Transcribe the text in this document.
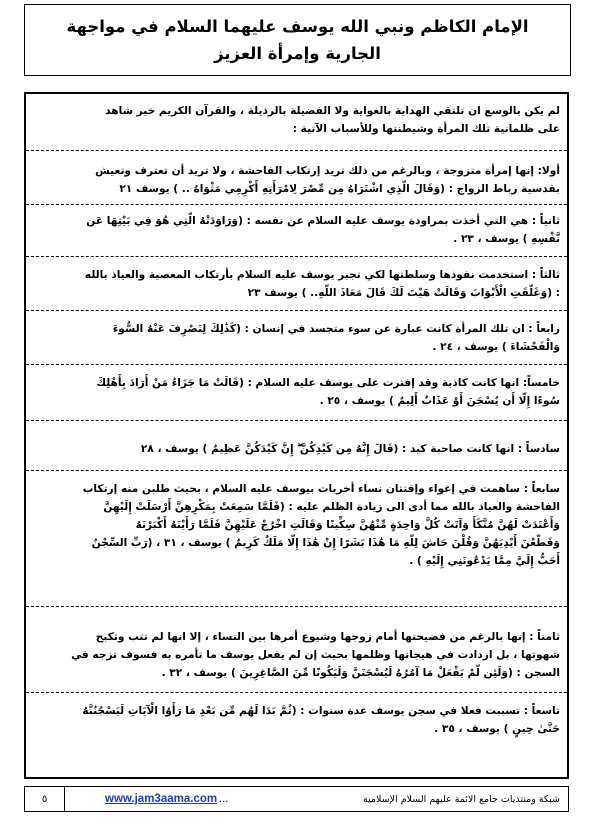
الإمام الكاظم ونبي الله يوسف عليهما السلام في مواجهة
الجارية وإمرأة العزيز
لم يكن بالوسع ان تلتقي الهداية بالغواية ولا الفضيلة بالرذيلة ، والقرآن الكريم خير شاهد
على ظلمانية تلك المرأة وشيطنتها وللأسباب الآتية :
أولا: إنها إمرأة متزوجة ، وبالرغم من ذلك تريد إرتكاب الفاحشة ، ولا تريد أن تعترف وتعيش
بقدسية رباط الزواج : (وَقَالَ الَّذِي اشْتَرَاهُ مِن مِّصْرَ لِامْرَأَتِهِ أَكْرِمِي مَثْوَاهُ .. ) يوسف ٢١
ثانياً : هي التي أخذت بمراودة يوسف عليه السلام عن نفسه : (وَرَاوَدَتْهُ الَّتِي هُوَ فِي بَيْتِهَا عَن
نَّفْسِهِ ) يوسف ، ٢٣ .
ثالثاً : استخدمت نفوذها وسلطتها لكي تجبر يوسف عليه السلام بأرتكاب المعصية والعياذ بالله
: (وَغَلَّقَتِ الْأَبْوَابَ وَقَالَتْ هَيْتَ لَكَ قَالَ مَعَاذَ اللَّهِ.. ) يوسف ٢٣
رابعاً : ان تلك المرأة كانت عبارة عن سوء متجسد في إنسان : (كَذَٰلِكَ لِنَصْرِفَ عَنْهُ السُّوءَ
وَالْفَحْشَاءَ ) يوسف ، ٢٤ .
خامساً: انها كانت كاذبة وقد إفترت على يوسف عليه السلام : (قَالَتْ مَا جَزَاءُ مَنْ أَرَادَ بِأَهْلِكَ
سُوءًا إِلَّا أَن يُسْجَنَ أَوْ عَذَابٌ أَلِيمٌ ) يوسف ، ٢٥ .
سادساً : انها كانت صاحبة كيد : (قَالَ إِنَّهُ مِن كَيْدِكُنَّ ۖ إِنَّ كَيْدَكُنَّ عَظِيمٌ ) يوسف ، ٢٨
سابعاً : ساهمت في إغواء وإفتتان نساء أخريات بيوسف عليه السلام ، بحيث طلبن منه إرتكاب
الفاحشة والعياذ بالله مما أدى الى زيادة الظلم عليه : (فَلَمَّا سَمِعَتْ بِمَكْرِهِنَّ أَرْسَلَتْ إِلَيْهِنَّ
وَأَعْتَدَتْ لَهُنَّ مُتَّكَأً وَآتَتْ كُلَّ وَاحِدَةٍ مِّنْهُنَّ سِكِّينًا وَقَالَتِ اخْرُجْ عَلَيْهِنَّ فَلَمَّا رَأَيْنَهُ أَكْبَرْنَهُ
وَقَطَّعْنَ أَيْدِيَهُنَّ وَقُلْنَ حَاشَ لِلَّهِ مَا هَٰذَا بَشَرًا إِنْ هَٰذَا إِلَّا مَلَكٌ كَرِيمٌ ) يوسف ، ٣١ ، (رَبِّ السِّجْنُ
أَحَبُّ إِلَيَّ مِمَّا يَدْعُونَنِي إِلَيْهِ ) .
ثامناً : إنها بالرغم من فضيحتها أمام زوجها وشيوع أمرها بين النساء ، إلا انها لم تتب وتكبح
شهوتها ، بل ازدادت في هيجانها وظلمها بحيث إن لم يفعل يوسف ما تأمره به فسوف تزجه في
السجن : (وَلَئِن لَّمْ يَفْعَلْ مَا آمُرُهُ لَيُسْجَنَنَّ وَلَيَكُونًا مِّنَ الصَّاغِرِينَ ) يوسف ، ٣٢ .
تاسعاً : تسببت فعلا في سجن يوسف عدة سنوات : (ثُمَّ بَدَا لَهُم مِّن بَعْدِ مَا رَأَوُا الْآيَاتِ لَيَسْجُنُنَّهُ
حَتَّىٰ حِينٍ ) يوسف ، ٣٥ .
٥	www.jam3aama.com ...	شبكة ومنتديات جامع الائمة عليهم السلام الإسلامية
